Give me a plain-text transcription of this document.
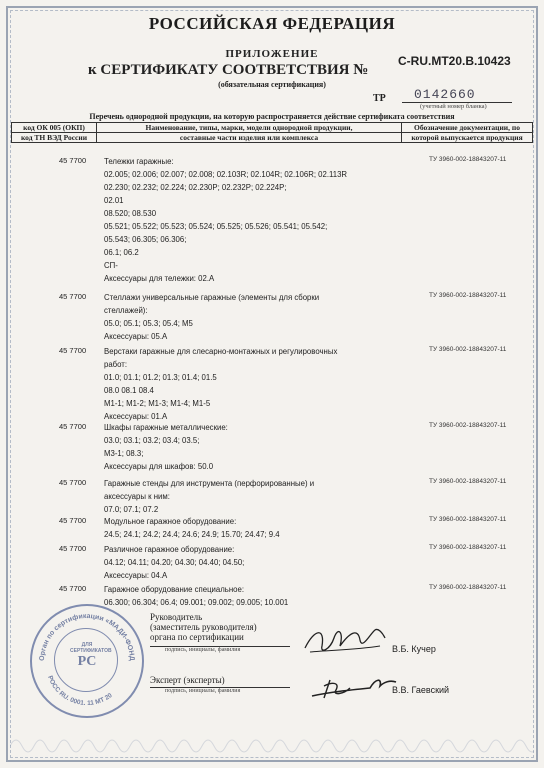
РОССИЙСКАЯ ФЕДЕРАЦИЯ
ПРИЛОЖЕНИЕ
к СЕРТИФИКАТУ СООТВЕТСТВИЯ №
C-RU.MT20.B.10423
(обязательная сертификация)
ТР 0142660
(учетный номер бланка)
Перечень однородной продукции, на которую распространяется действие сертификата соответствия
код ОК 005 (ОКП)	Наименование, типы, марки, модели однородной продукции,	Обозначение документации, по
код ТН ВЭД России	составные части изделия или комплекса	которой выпускается продукция
45 7700 Тележки гаражные:
02.005; 02.006; 02.007; 02.008; 02.103R; 02.104R; 02.106R; 02.113R
02.230; 02.232; 02.224; 02.230P; 02.232P; 02.224P;
02.01
08.520; 08.530
05.521; 05.522; 05.523; 05.524; 05.525; 05.526; 05.541; 05.542;
05.543; 06.305; 06.306;
06.1; 06.2
СП-
Аксессуары для тележки: 02.A
ТУ 3960-002-18843207-11
45 7700 Стеллажи универсальные гаражные (элементы для сборки
стеллажей):
05.0; 05.1; 05.3; 05.4; M5
Аксессуары: 05.A
ТУ 3960-002-18843207-11
45 7700 Верстаки гаражные для слесарно-монтажных и регулировочных
работ:
01.0; 01.1; 01.2; 01.3; 01.4; 01.5
08.0 08.1 08.4
M1-1; M1-2; M1-3; M1-4; M1-5
Аксессуары: 01.A
ТУ 3960-002-18843207-11
45 7700 Шкафы гаражные металлические:
03.0; 03.1; 03.2; 03.4; 03.5;
M3-1; 08.3;
Аксессуары для шкафов: 50.0
ТУ 3960-002-18843207-11
45 7700 Гаражные стенды для инструмента (перфорированные) и
аксессуары к ним:
07.0; 07.1; 07.2
ТУ 3960-002-18843207-11
45 7700 Модульное гаражное оборудование:
24.5; 24.1; 24.2; 24.4; 24.6; 24.9; 15.70; 24.47; 9.4
ТУ 3960-002-18843207-11
45 7700 Различное гаражное оборудование:
04.12; 04.11; 04.20; 04.30; 04.40; 04.50;
Аксессуары: 04.A
ТУ 3960-002-18843207-11
45 7700 Гаражное оборудование специальное:
06.300; 06.304; 06.4; 09.001; 09.002; 09.005; 10.001
ТУ 3960-002-18843207-11
Орган по сертификации «МАДИ-ФОНД
РОСС RU. 0001. 11 МТ 20
ДЛЯ СЕРТИФИКАТОВ
РС
Руководитель
(заместитель руководителя)
органа по сертификации
подпись, инициалы, фамилия	В.Б. Кучер
Эксперт (эксперты)
подпись, инициалы, фамилия	В.В. Гаевский
